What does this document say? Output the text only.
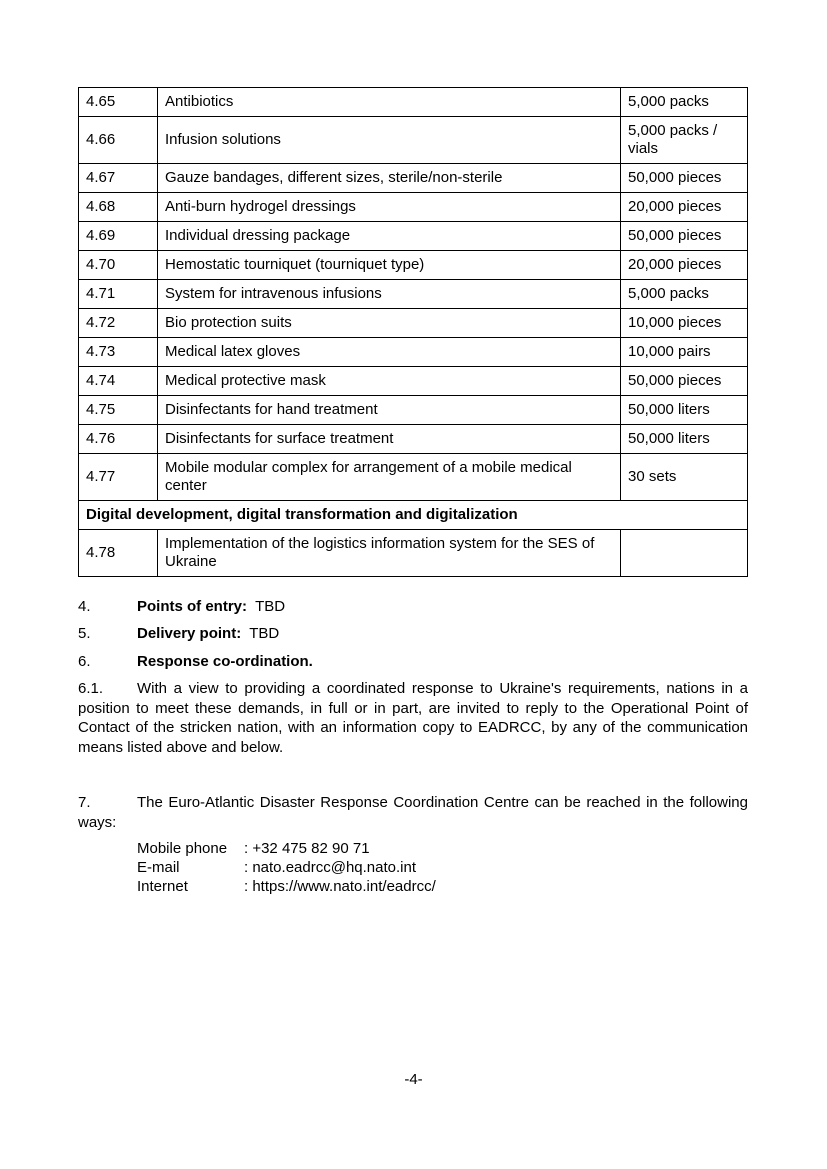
4.65	Antibiotics	5,000 packs
4.66	Infusion solutions	5,000 packs / vials
4.67	Gauze bandages, different sizes, sterile/non-sterile	50,000 pieces
4.68	Anti-burn hydrogel dressings	20,000 pieces
4.69	Individual dressing package	50,000 pieces
4.70	Hemostatic tourniquet (tourniquet type)	20,000 pieces
4.71	System for intravenous infusions	5,000 packs
4.72	Bio protection suits	10,000 pieces
4.73	Medical latex gloves	10,000 pairs
4.74	Medical protective mask	50,000 pieces
4.75	Disinfectants for hand treatment	50,000 liters
4.76	Disinfectants for surface treatment	50,000 liters
4.77	Mobile modular complex for arrangement of a mobile medical center	30 sets
Digital development, digital transformation and digitalization		
4.78	Implementation of the logistics information system for the SES of Ukraine	
4.	Points of entry: TBD
5.	Delivery point: TBD
6.	Response co-ordination.
6.1. With a view to providing a coordinated response to Ukraine's requirements, nations in a position to meet these demands, in full or in part, are invited to reply to the Operational Point of Contact of the stricken nation, with an information copy to EADRCC, by any of the communication means listed above and below.
7.	The Euro-Atlantic Disaster Response Coordination Centre can be reached in the following ways:
Mobile phone	: +32 475 82 90 71
E-mail	: nato.eadrcc@hq.nato.int
Internet	: https://www.nato.int/eadrcc/
-4-
